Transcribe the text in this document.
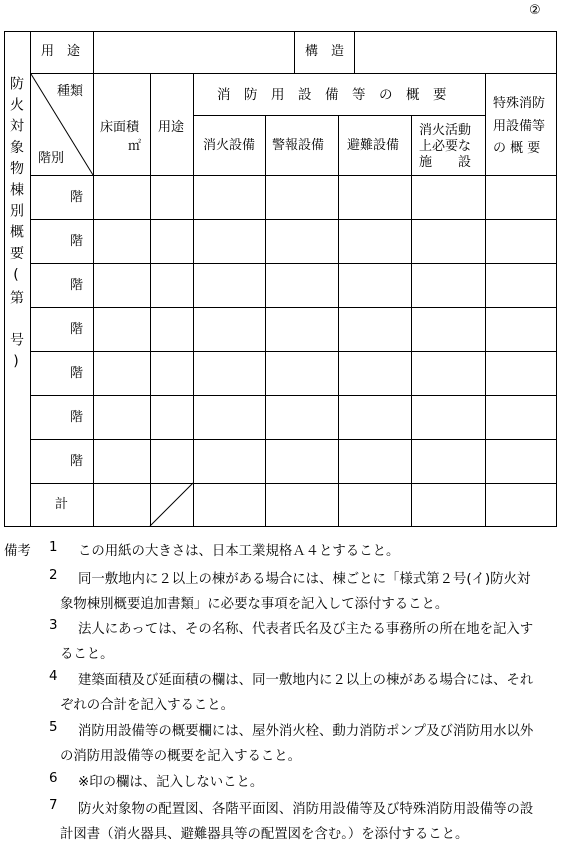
②
防火対象物棟別概要(第　号)
用　途	構　造
種類
階別
床面積
㎡
用途
消　防　用　設　備　等　の　概　要
消火設備 警報設備 避難設備
消火活動
上必要な
施　　設
特殊消防
用設備等
の 概 要
階
階
階
階
階
階
階
計
備考 1 この用紙の大きさは、日本工業規格Ａ４とすること。
2 同一敷地内に２以上の棟がある場合には、棟ごとに「様式第２号(イ)防火対
象物棟別概要追加書類」に必要な事項を記入して添付すること。
3 法人にあっては、その名称、代表者氏名及び主たる事務所の所在地を記入す
ること。
4 建築面積及び延面積の欄は、同一敷地内に２以上の棟がある場合には、それ
ぞれの合計を記入すること。
5 消防用設備等の概要欄には、屋外消火栓、動力消防ポンプ及び消防用水以外
の消防用設備等の概要を記入すること。
6 ※印の欄は、記入しないこと。
7 防火対象物の配置図、各階平面図、消防用設備等及び特殊消防用設備等の設
計図書（消火器具、避難器具等の配置図を含む。）を添付すること。
